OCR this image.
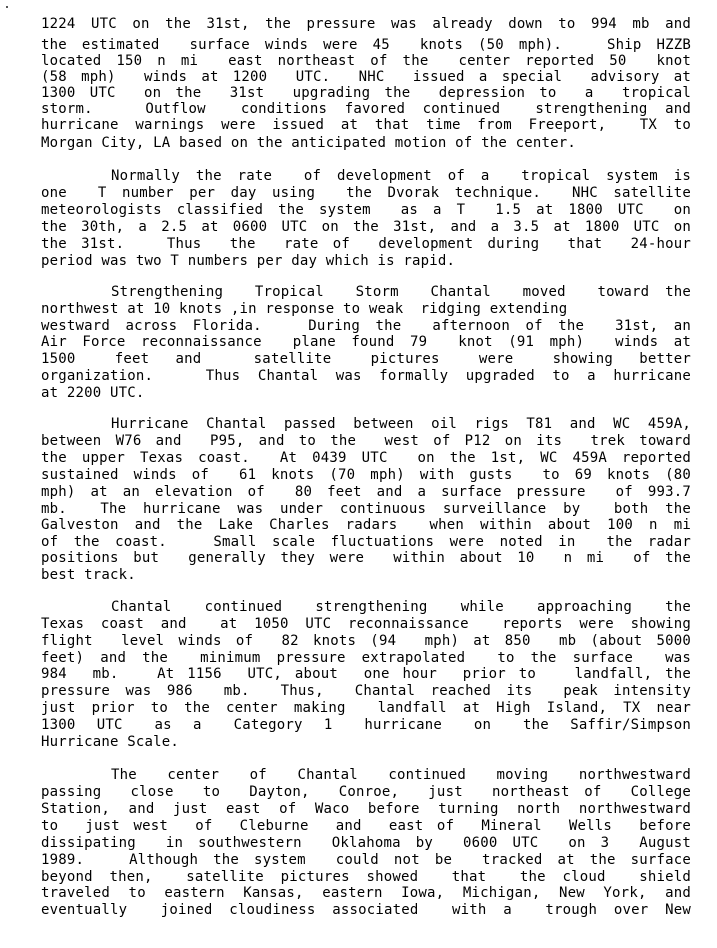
1224 UTC on the 31st, the pressure was already down to 994 mb and
the estimated  surface winds were 45  knots (50 mph).   Ship HZZB
located 150 n mi  east northeast of the  center reported 50  knot
(58 mph)  winds at 1200  UTC.  NHC  issued a special  advisory at
1300 UTC  on the  31st  upgrading the  depression to  a  tropical
storm.   Outflow  conditions favored continued  strengthening and
hurricane warnings were issued at that time from Freeport,  TX to
Morgan City, LA based on the anticipated motion of the center.
Normally the rate  of development of a  tropical system is
one  T number per day using  the Dvorak technique.  NHC satellite
meteorologists classified the system  as a T  1.5 at 1800 UTC  on
the 30th, a 2.5 at 0600 UTC on the 31st, and a 3.5 at 1800 UTC on
the 31st.   Thus  the  rate of  development during  that  24-hour
period was two T numbers per day which is rapid.
Strengthening  Tropical  Storm  Chantal  moved  toward the
northwest at 10 knots ,in response to weak  ridging extending
westward across Florida.   During the  afternoon of the  31st, an
Air Force reconnaissance  plane found 79  knot (91 mph)  winds at
1500   feet  and    satellite   pictures   were   showing  better
organization.   Thus Chantal was formally upgraded to a hurricane
at 2200 UTC.
Hurricane Chantal passed between oil rigs T81 and WC 459A,
between W76 and  P95, and to the  west of P12 on its  trek toward
the upper Texas coast.  At 0439 UTC  on the 1st, WC 459A reported
sustained winds of  61 knots (70 mph) with gusts  to 69 knots (80
mph) at an elevation of  80 feet and a surface pressure  of 993.7
mb.  The hurricane was under continuous surveillance by  both the
Galveston and the Lake Charles radars  when within about 100 n mi
of the coast.   Small scale fluctuations were noted in  the radar
positions but  generally they were  within about 10  n mi  of the
best track.
Chantal  continued  strengthening  while  approaching  the
Texas coast and  at 1050 UTC reconnaissance  reports were showing
flight  level winds of  82 knots (94  mph) at 850  mb (about 5000
feet) and the  minimum pressure extrapolated  to the surface  was
984  mb.   At 1156  UTC, about  one hour  prior to   landfall, the
pressure was 986  mb.  Thus,  Chantal reached its  peak intensity
just prior to the center making  landfall at High Island, TX near
1300  UTC   as  a   Category  1   hurricane   on   the  Saffir/Simpson
Hurricane Scale.
The  center  of  Chantal  continued  moving  northwestward
passing  close  to  Dayton,  Conroe,  just  northeast of  College
Station, and just east of Waco before turning north northwestward
to  just west  of  Cleburne  and  east of  Mineral  Wells  before
dissipating  in southwestern  Oklahoma by  0600 UTC  on 3  August
1989.   Although the system  could not be  tracked at the surface
beyond then,  satellite pictures showed  that  the cloud  shield
traveled to eastern Kansas, eastern Iowa, Michigan, New York, and
eventually  joined cloudiness associated  with a  trough over New
